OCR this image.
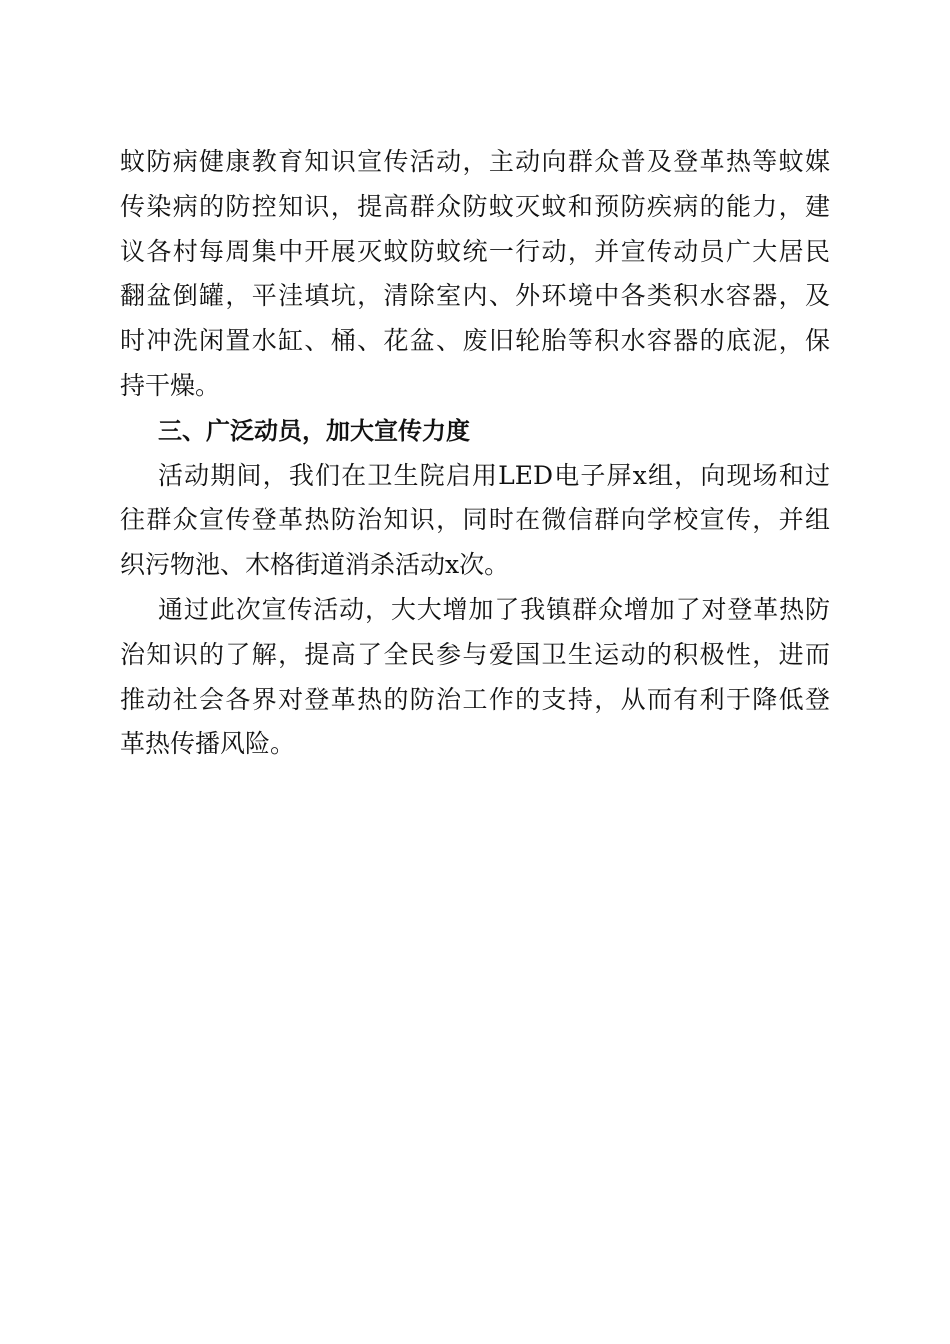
蚊防病健康教育知识宣传活动，主动向群众普及登革热等蚊媒
传染病的防控知识，提高群众防蚊灭蚊和预防疾病的能力，建
议各村每周集中开展灭蚊防蚊统一行动，并宣传动员广大居民
翻盆倒罐，平洼填坑，清除室内、外环境中各类积水容器，及
时冲洗闲置水缸、桶、花盆、废旧轮胎等积水容器的底泥，保
持干燥。
三、广泛动员，加大宣传力度
活动期间，我们在卫生院启用LED电子屏x组，向现场和过
往群众宣传登革热防治知识，同时在微信群向学校宣传，并组
织污物池、木格街道消杀活动x次。
通过此次宣传活动，大大增加了我镇群众增加了对登革热防
治知识的了解，提高了全民参与爱国卫生运动的积极性，进而
推动社会各界对登革热的防治工作的支持，从而有利于降低登
革热传播风险。
